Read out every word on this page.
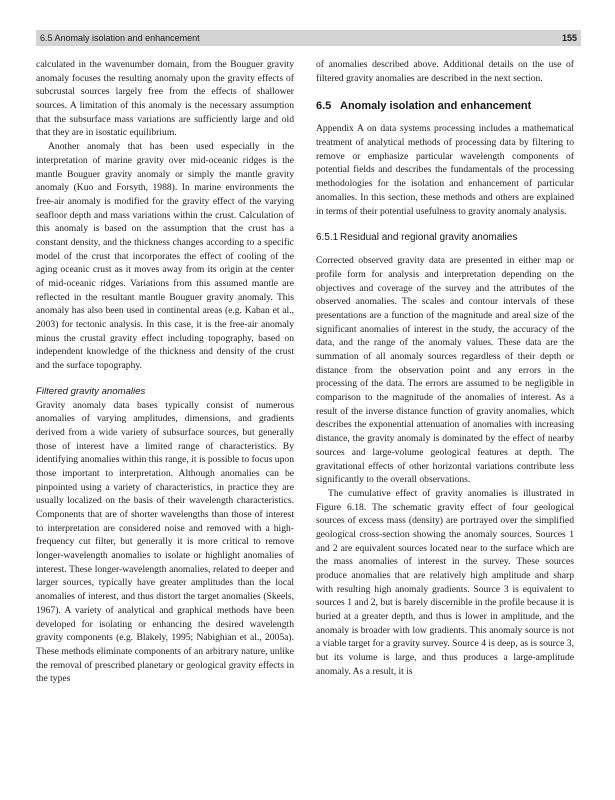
6.5 Anomaly isolation and enhancement	155

calculated in the wavenumber domain, from the Bouguer gravity anomaly focuses the resulting anomaly upon the gravity effects of subcrustal sources largely free from the effects of shallower sources. A limitation of this anomaly is the necessary assumption that the subsurface mass variations are sufficiently large and old that they are in isostatic equilibrium.

Another anomaly that has been used especially in the interpretation of marine gravity over mid-oceanic ridges is the mantle Bouguer gravity anomaly or simply the mantle gravity anomaly (Kuo and Forsyth, 1988). In marine environments the free-air anomaly is modified for the gravity effect of the varying seafloor depth and mass variations within the crust. Calculation of this anomaly is based on the assumption that the crust has a constant density, and the thickness changes according to a specific model of the crust that incorporates the effect of cooling of the aging oceanic crust as it moves away from its origin at the center of mid-oceanic ridges. Variations from this assumed mantle are reflected in the resultant mantle Bouguer gravity anomaly. This anomaly has also been used in continental areas (e.g. Kaban et al., 2003) for tectonic analysis. In this case, it is the free-air anomaly minus the crustal gravity effect including topography, based on independent knowledge of the thickness and density of the crust and the surface topography.

Filtered gravity anomalies

Gravity anomaly data bases typically consist of numerous anomalies of varying amplitudes, dimensions, and gradients derived from a wide variety of subsurface sources, but generally those of interest have a limited range of characteristics. By identifying anomalies within this range, it is possible to focus upon those important to interpretation. Although anomalies can be pinpointed using a variety of characteristics, in practice they are usually localized on the basis of their wavelength characteristics. Components that are of shorter wavelengths than those of interest to interpretation are considered noise and removed with a high-frequency cut filter, but generally it is more critical to remove longer-wavelength anomalies to isolate or highlight anomalies of interest. These longer-wavelength anomalies, related to deeper and larger sources, typically have greater amplitudes than the local anomalies of interest, and thus distort the target anomalies (Skeels, 1967). A variety of analytical and graphical methods have been developed for isolating or enhancing the desired wavelength gravity components (e.g. Blakely, 1995; Nabighian et al., 2005a). These methods eliminate components of an arbitrary nature, unlike the removal of prescribed planetary or geological gravity effects in the types

of anomalies described above. Additional details on the use of filtered gravity anomalies are described in the next section.

6.5 Anomaly isolation and enhancement

Appendix A on data systems processing includes a mathematical treatment of analytical methods of processing data by filtering to remove or emphasize particular wavelength components of potential fields and describes the fundamentals of the processing methodologies for the isolation and enhancement of particular anomalies. In this section, these methods and others are explained in terms of their potential usefulness to gravity anomaly analysis.

6.5.1 Residual and regional gravity anomalies

Corrected observed gravity data are presented in either map or profile form for analysis and interpretation depending on the objectives and coverage of the survey and the attributes of the observed anomalies. The scales and contour intervals of these presentations are a function of the magnitude and areal size of the significant anomalies of interest in the study, the accuracy of the data, and the range of the anomaly values. These data are the summation of all anomaly sources regardless of their depth or distance from the observation point and any errors in the processing of the data. The errors are assumed to be negligible in comparison to the magnitude of the anomalies of interest. As a result of the inverse distance function of gravity anomalies, which describes the exponential attenuation of anomalies with increasing distance, the gravity anomaly is dominated by the effect of nearby sources and large-volume geological features at depth. The gravitational effects of other horizontal variations contribute less significantly to the overall observations.

The cumulative effect of gravity anomalies is illustrated in Figure 6.18. The schematic gravity effect of four geological sources of excess mass (density) are portrayed over the simplified geological cross-section showing the anomaly sources. Sources 1 and 2 are equivalent sources located near to the surface which are the mass anomalies of interest in the survey. These sources produce anomalies that are relatively high amplitude and sharp with resulting high anomaly gradients. Source 3 is equivalent to sources 1 and 2, but is barely discernible in the profile because it is buried at a greater depth, and thus is lower in amplitude, and the anomaly is broader with low gradients. This anomaly source is not a viable target for a gravity survey. Source 4 is deep, as is source 3, but its volume is large, and thus produces a large-amplitude anomaly. As a result, it is
